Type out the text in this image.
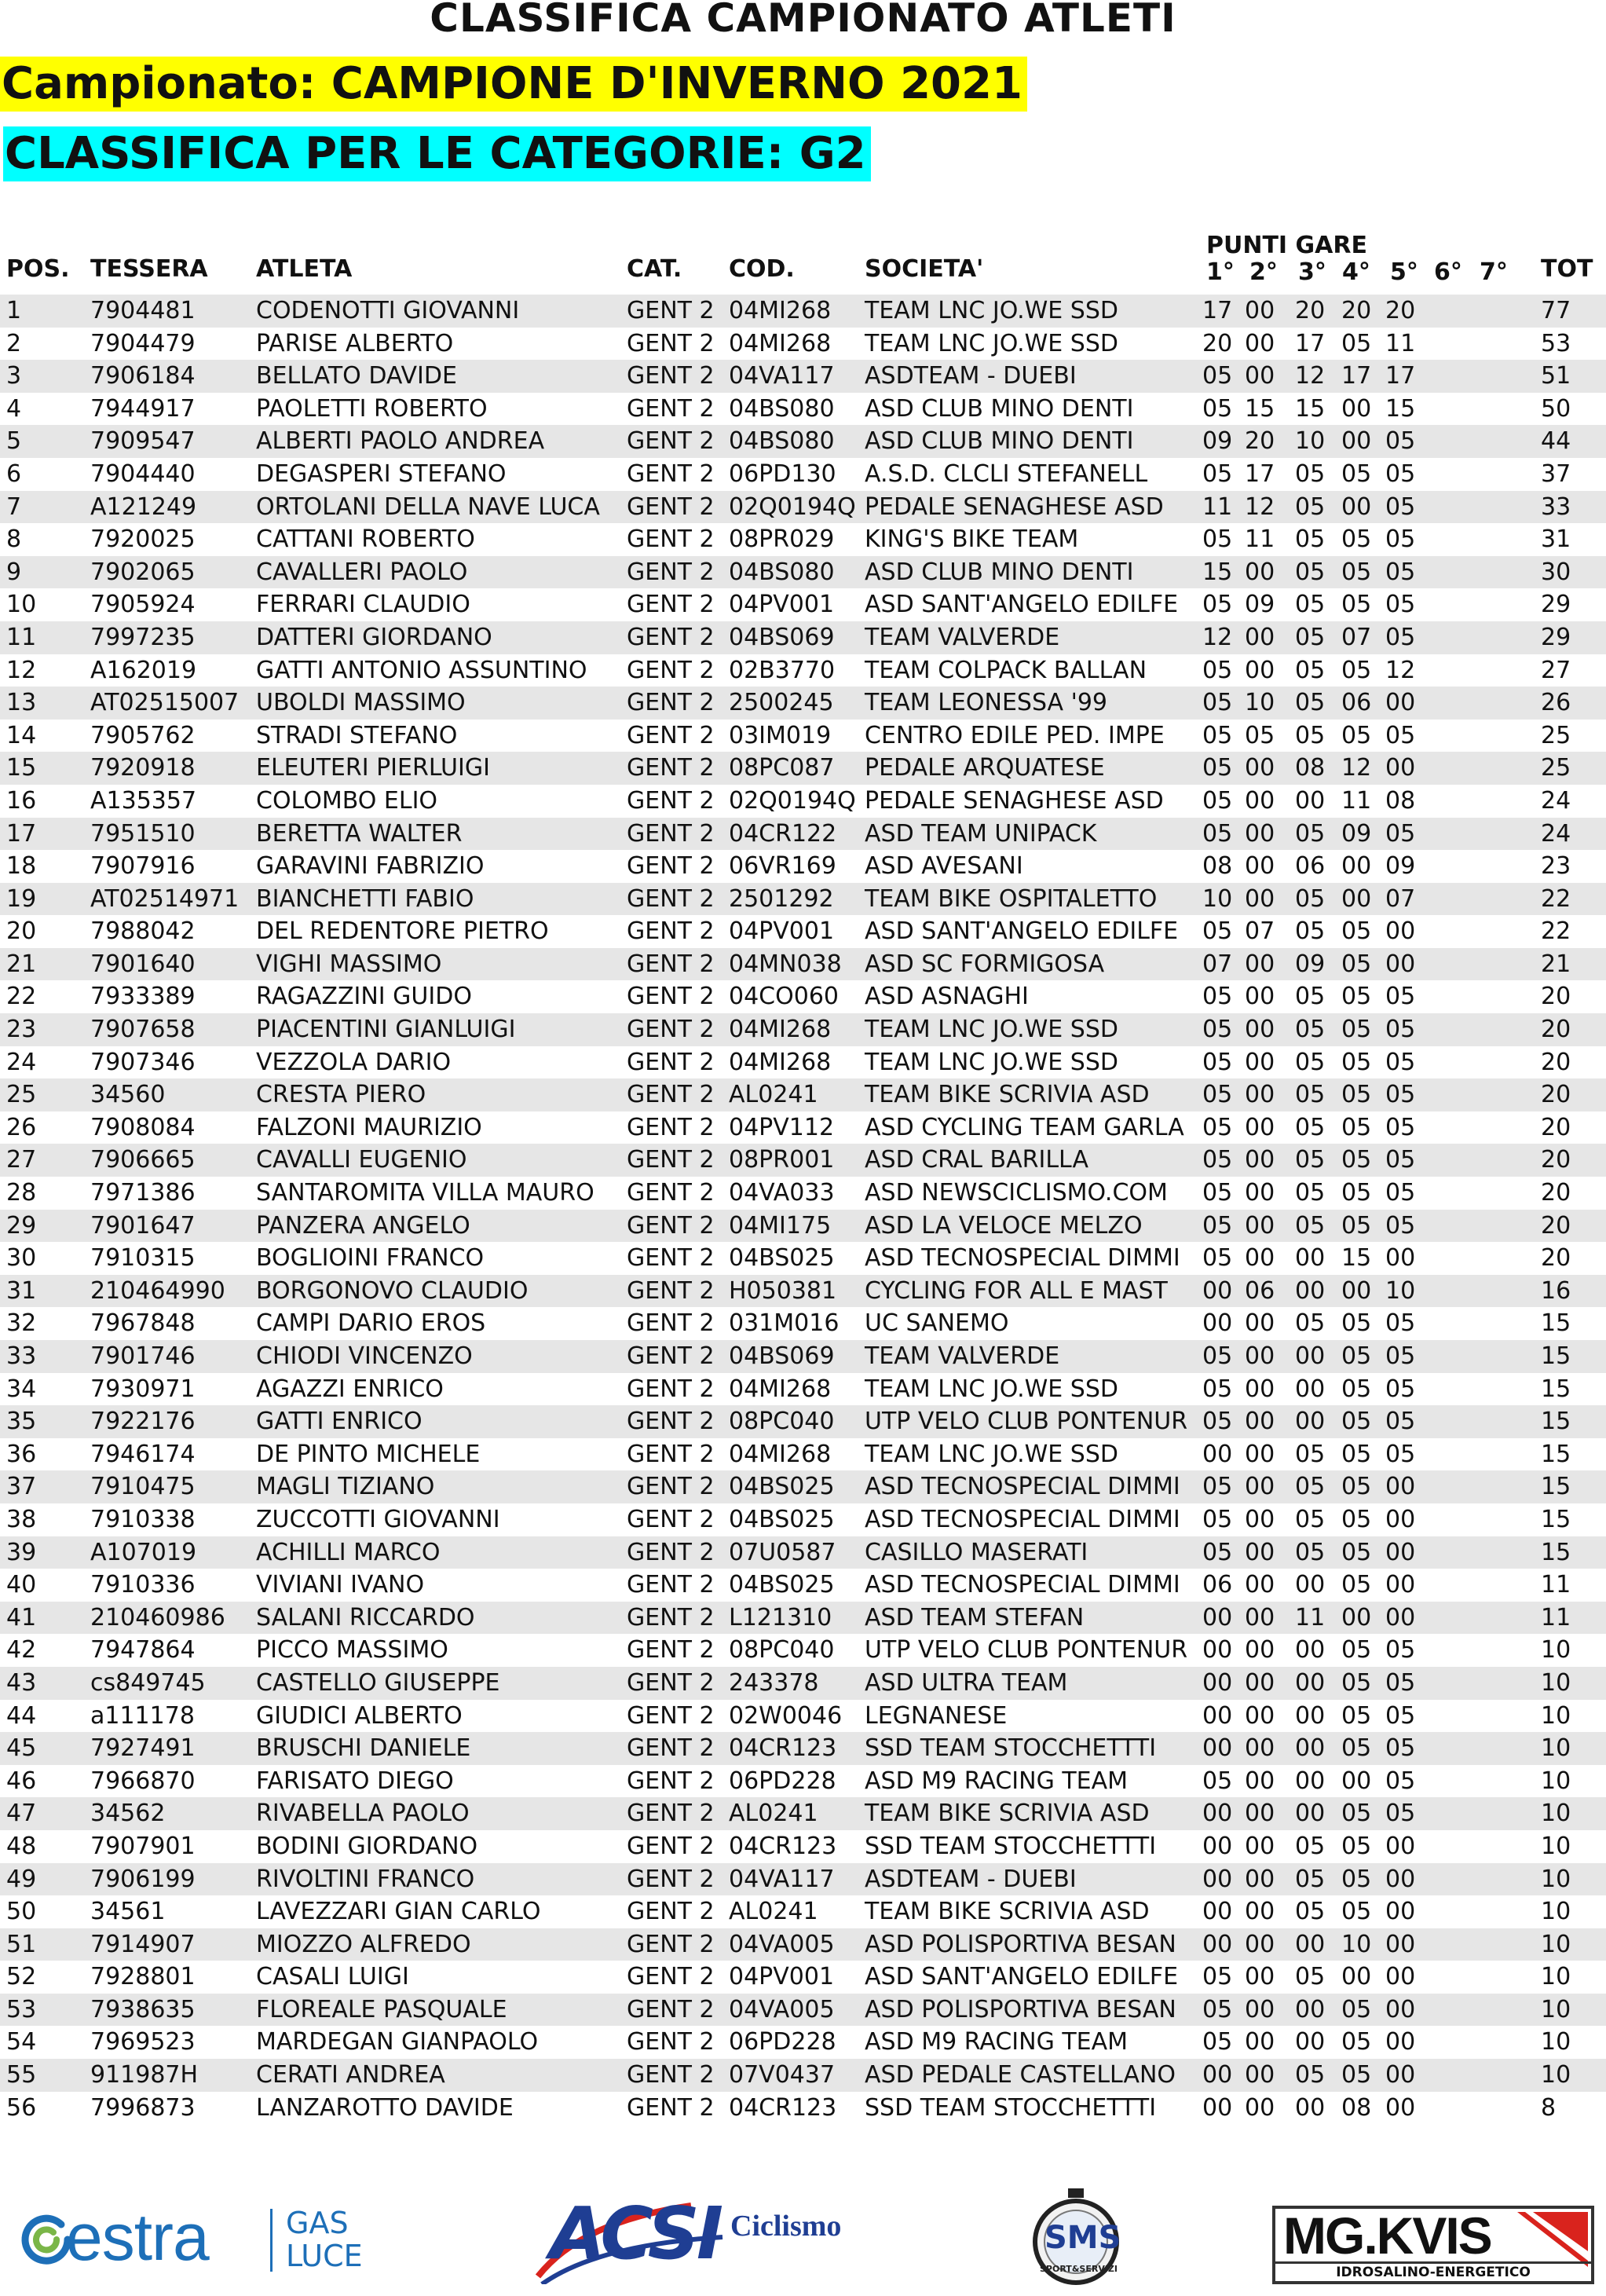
CLASSIFICA CAMPIONATO ATLETI
Campionato: CAMPIONE D'INVERNO 2021
CLASSIFICA PER LE CATEGORIE: G2
POS. TESSERA ATLETA	CAT. COD.	SOCIETA'
PUNTI GARE
1° 2° 3° 4° 5° 6° 7° TOT
1	7904481	CODENOTTI GIOVANNI	GENT 2 04MI268 TEAM LNC JO.WE SSD	17 00 20 20 20	77
2	7904479	PARISE ALBERTO	GENT 2 04MI268 TEAM LNC JO.WE SSD	20 00 17 05 11	53
3	7906184	BELLATO DAVIDE	GENT 2 04VA117 ASDTEAM - DUEBI	05 00 12 17 17	51
4	7944917	PAOLETTI ROBERTO	GENT 2 04BS080 ASD CLUB MINO DENTI	05 15 15 00 15	50
5	7909547	ALBERTI PAOLO ANDREA	GENT 2 04BS080 ASD CLUB MINO DENTI	09 20 10 00 05	44
6	7904440	DEGASPERI STEFANO	GENT 2 06PD130 A.S.D. CLCLI STEFANELL 05 17 05 05 05	37
7	A121249	ORTOLANI DELLA NAVE LUCA GENT 2 02Q0194Q PEDALE SENAGHESE ASD 11 12 05 00 05	33
8	7920025	CATTANI ROBERTO	GENT 2 08PR029 KING'S BIKE TEAM	05 11 05 05 05	31
9	7902065	CAVALLERI PAOLO	GENT 2 04BS080 ASD CLUB MINO DENTI	15 00 05 05 05	30
10 7905924	FERRARI CLAUDIO	GENT 2 04PV001 ASD SANT'ANGELO EDILFE 05 09 05 05 05	29
11 7997235	DATTERI GIORDANO	GENT 2 04BS069 TEAM VALVERDE	12 00 05 07 05	29
12 A162019	GATTI ANTONIO ASSUNTINO GENT 2 02B3770 TEAM COLPACK BALLAN 05 00 05 05 12	27
13 AT02515007 UBOLDI MASSIMO	GENT 2 2500245 TEAM LEONESSA '99	05 10 05 06 00	26
14 7905762	STRADI STEFANO	GENT 2 03IM019 CENTRO EDILE PED. IMPE 05 05 05 05 05	25
15 7920918	ELEUTERI PIERLUIGI	GENT 2 08PC087 PEDALE ARQUATESE	05 00 08 12 00	25
16 A135357	COLOMBO ELIO	GENT 2 02Q0194Q PEDALE SENAGHESE ASD 05 00 00 11 08	24
17 7951510	BERETTA WALTER	GENT 2 04CR122 ASD TEAM UNIPACK	05 00 05 09 05	24
18 7907916	GARAVINI FABRIZIO	GENT 2 06VR169 ASD AVESANI	08 00 06 00 09	23
19 AT02514971 BIANCHETTI FABIO	GENT 2 2501292 TEAM BIKE OSPITALETTO 10 00 05 00 07	22
20 7988042	DEL REDENTORE PIETRO	GENT 2 04PV001 ASD SANT'ANGELO EDILFE 05 07 05 05 00	22
21 7901640	VIGHI MASSIMO	GENT 2 04MN038 ASD SC FORMIGOSA	07 00 09 05 00	21
22 7933389	RAGAZZINI GUIDO	GENT 2 04CO060 ASD ASNAGHI	05 00 05 05 05	20
23 7907658	PIACENTINI GIANLUIGI	GENT 2 04MI268 TEAM LNC JO.WE SSD	05 00 05 05 05	20
24 7907346	VEZZOLA DARIO	GENT 2 04MI268 TEAM LNC JO.WE SSD	05 00 05 05 05	20
25 34560	CRESTA PIERO	GENT 2 AL0241 TEAM BIKE SCRIVIA ASD 05 00 05 05 05	20
26 7908084	FALZONI MAURIZIO	GENT 2 04PV112 ASD CYCLING TEAM GARLA 05 00 05 05 05	20
27 7906665	CAVALLI EUGENIO	GENT 2 08PR001 ASD CRAL BARILLA	05 00 05 05 05	20
28 7971386	SANTAROMITA VILLA MAURO GENT 2 04VA033 ASD NEWSCICLISMO.COM 05 00 05 05 05	20
29 7901647	PANZERA ANGELO	GENT 2 04MI175 ASD LA VELOCE MELZO	05 00 05 05 05	20
30 7910315	BOGLIOINI FRANCO	GENT 2 04BS025 ASD TECNOSPECIAL DIMMI 05 00 00 15 00	20
31 210464990 BORGONOVO CLAUDIO	GENT 2 H050381 CYCLING FOR ALL E MAST 00 06 00 00 10	16
32 7967848	CAMPI DARIO EROS	GENT 2 031M016 UC SANEMO	00 00 05 05 05	15
33 7901746	CHIODI VINCENZO	GENT 2 04BS069 TEAM VALVERDE	05 00 00 05 05	15
34 7930971	AGAZZI ENRICO	GENT 2 04MI268 TEAM LNC JO.WE SSD	05 00 00 05 05	15
35 7922176	GATTI ENRICO	GENT 2 08PC040 UTP VELO CLUB PONTENUR 05 00 00 05 05	15
36 7946174	DE PINTO MICHELE	GENT 2 04MI268 TEAM LNC JO.WE SSD	00 00 05 05 05	15
37 7910475	MAGLI TIZIANO	GENT 2 04BS025 ASD TECNOSPECIAL DIMMI 05 00 05 05 00	15
38 7910338	ZUCCOTTI GIOVANNI	GENT 2 04BS025 ASD TECNOSPECIAL DIMMI 05 00 05 05 00	15
39 A107019	ACHILLI MARCO	GENT 2 07U0587 CASILLO MASERATI	05 00 05 05 00	15
40 7910336	VIVIANI IVANO	GENT 2 04BS025 ASD TECNOSPECIAL DIMMI 06 00 00 05 00	11
41 210460986 SALANI RICCARDO	GENT 2 L121310 ASD TEAM STEFAN	00 00 11 00 00	11
42 7947864	PICCO MASSIMO	GENT 2 08PC040 UTP VELO CLUB PONTENUR 00 00 00 05 05	10
43 cs849745 CASTELLO GIUSEPPE	GENT 2 243378 ASD ULTRA TEAM	00 00 00 05 05	10
44 a111178	GIUDICI ALBERTO	GENT 2 02W0046 LEGNANESE	00 00 00 05 05	10
45 7927491	BRUSCHI DANIELE	GENT 2 04CR123 SSD TEAM STOCCHETTTI 00 00 00 05 05	10
46 7966870	FARISATO DIEGO	GENT 2 06PD228 ASD M9 RACING TEAM	05 00 00 00 05	10
47 34562	RIVABELLA PAOLO	GENT 2 AL0241 TEAM BIKE SCRIVIA ASD 00 00 00 05 05	10
48 7907901	BODINI GIORDANO	GENT 2 04CR123 SSD TEAM STOCCHETTTI 00 00 05 05 00	10
49 7906199	RIVOLTINI FRANCO	GENT 2 04VA117 ASDTEAM - DUEBI	00 00 05 05 00	10
50 34561	LAVEZZARI GIAN CARLO	GENT 2 AL0241 TEAM BIKE SCRIVIA ASD 00 00 05 05 00	10
51 7914907	MIOZZO ALFREDO	GENT 2 04VA005 ASD POLISPORTIVA BESAN 00 00 00 10 00	10
52 7928801	CASALI LUIGI	GENT 2 04PV001 ASD SANT'ANGELO EDILFE 05 00 05 00 00	10
53 7938635	FLOREALE PASQUALE	GENT 2 04VA005 ASD POLISPORTIVA BESAN 05 00 00 05 00	10
54 7969523	MARDEGAN GIANPAOLO	GENT 2 06PD228 ASD M9 RACING TEAM	05 00 00 05 00	10
55 911987H CERATI ANDREA	GENT 2 07V0437 ASD PEDALE CASTELLANO 00 00 05 05 00	10
56 7996873	LANZAROTTO DAVIDE	GENT 2 04CR123 SSD TEAM STOCCHETTTI 00 00 00 08 00	8
estra	GAS
LUCE	ACSI Ciclismo	SMS
SPORT&SERVIZI
MG.KVIS
IDROSALINO-ENERGETICO
